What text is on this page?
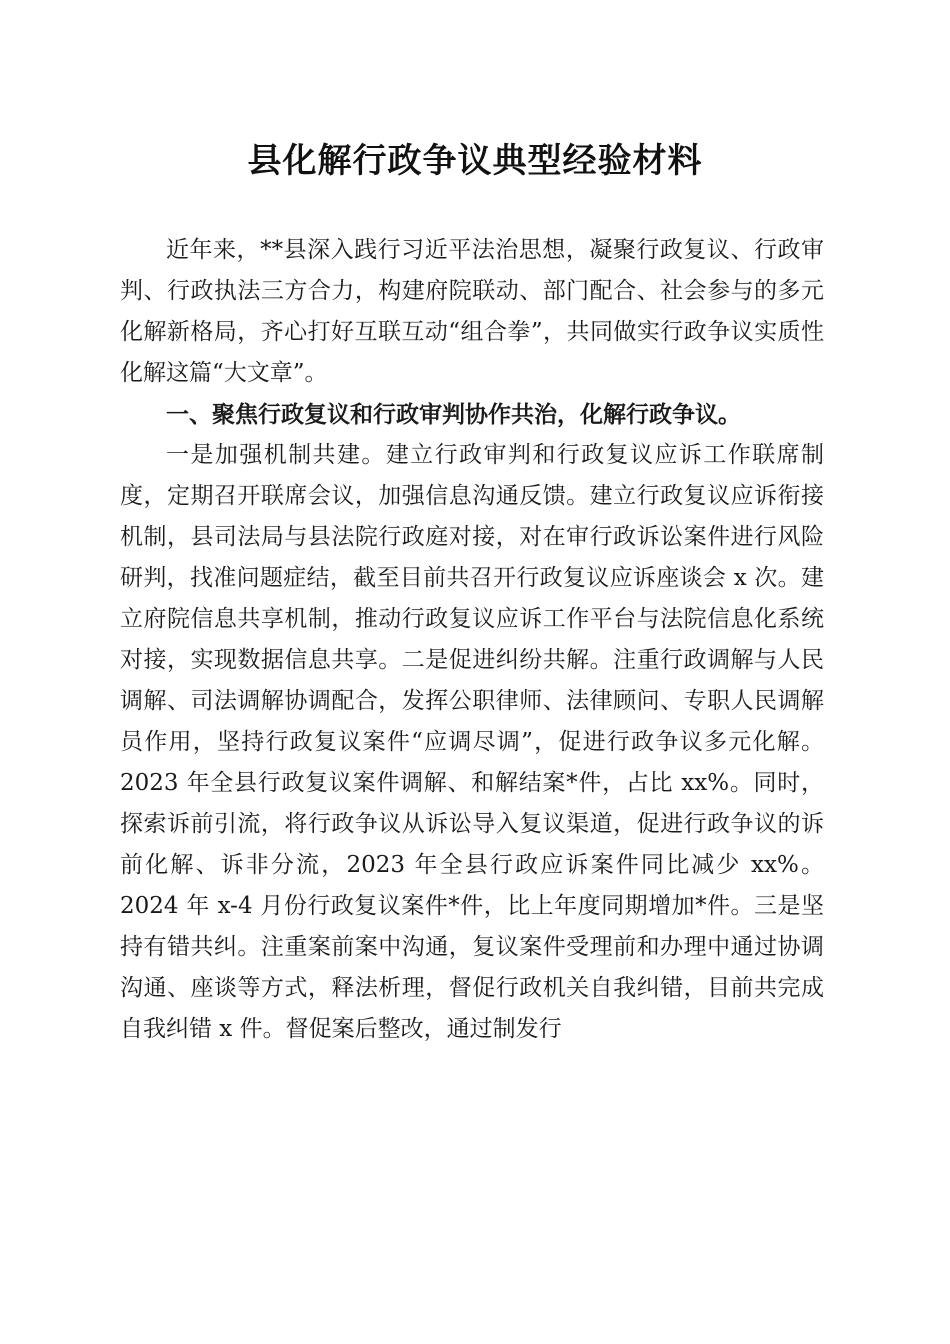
县化解行政争议典型经验材料

近年来，**县深入践行习近平法治思想，凝聚行政复议、行政审判、行政执法三方合力，构建府院联动、部门配合、社会参与的多元化解新格局，齐心打好互联互动“组合拳”，共同做实行政争议实质性化解这篇“大文章”。

一、聚焦行政复议和行政审判协作共治，化解行政争议。

一是加强机制共建。建立行政审判和行政复议应诉工作联席制度，定期召开联席会议，加强信息沟通反馈。建立行政复议应诉衔接机制，县司法局与县法院行政庭对接，对在审行政诉讼案件进行风险研判，找准问题症结，截至目前共召开行政复议应诉座谈会 x 次。建立府院信息共享机制，推动行政复议应诉工作平台与法院信息化系统对接，实现数据信息共享。二是促进纠纷共解。注重行政调解与人民调解、司法调解协调配合，发挥公职律师、法律顾问、专职人民调解员作用，坚持行政复议案件“应调尽调”，促进行政争议多元化解。2023 年全县行政复议案件调解、和解结案*件，占比 xx%。同时，探索诉前引流，将行政争议从诉讼导入复议渠道，促进行政争议的诉前化解、诉非分流，2023 年全县行政应诉案件同比减少 xx%。2024 年 x-4 月份行政复议案件*件，比上年度同期增加*件。三是坚持有错共纠。注重案前案中沟通，复议案件受理前和办理中通过协调沟通、座谈等方式，释法析理，督促行政机关自我纠错，目前共完成自我纠错 x 件。督促案后整改，通过制发行
